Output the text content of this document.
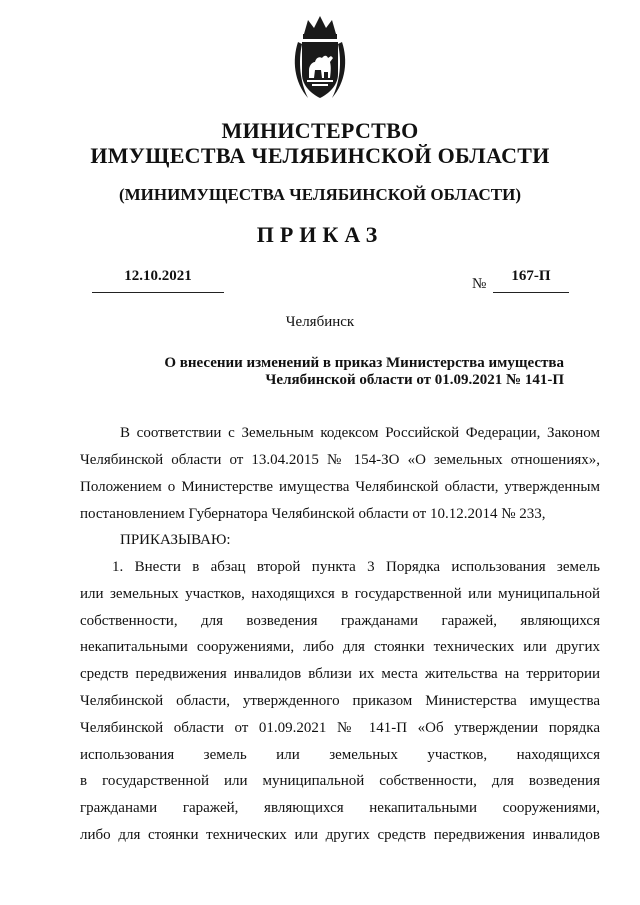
МИНИСТЕРСТВО
ИМУЩЕСТВА ЧЕЛЯБИНСКОЙ ОБЛАСТИ
(МИНИМУЩЕСТВА ЧЕЛЯБИНСКОЙ ОБЛАСТИ)
ПРИКАЗ
12.10.2021	№	167-П
Челябинск
О внесении изменений в приказ Министерства имущества
Челябинской области от 01.09.2021 № 141-П
В соответствии с Земельным кодексом Российской Федерации, Законом
Челябинской области от 13.04.2015 № 154-ЗО «О земельных отношениях»,
Положением о Министерстве имущества Челябинской области, утвержденным
постановлением Губернатора Челябинской области от 10.12.2014 № 233,
ПРИКАЗЫВАЮ:
1. Внести в абзац второй пункта 3 Порядка использования земель
или земельных участков, находящихся в государственной или муниципальной
собственности, для возведения гражданами гаражей, являющихся
некапитальными сооружениями, либо для стоянки технических или других
средств передвижения инвалидов вблизи их места жительства на территории
Челябинской области, утвержденного приказом Министерства имущества
Челябинской области от 01.09.2021 № 141-П «Об утверждении порядка
использования земель или земельных участков, находящихся
в государственной или муниципальной собственности, для возведения
гражданами гаражей, являющихся некапитальными сооружениями,
либо для стоянки технических или других средств передвижения инвалидов
